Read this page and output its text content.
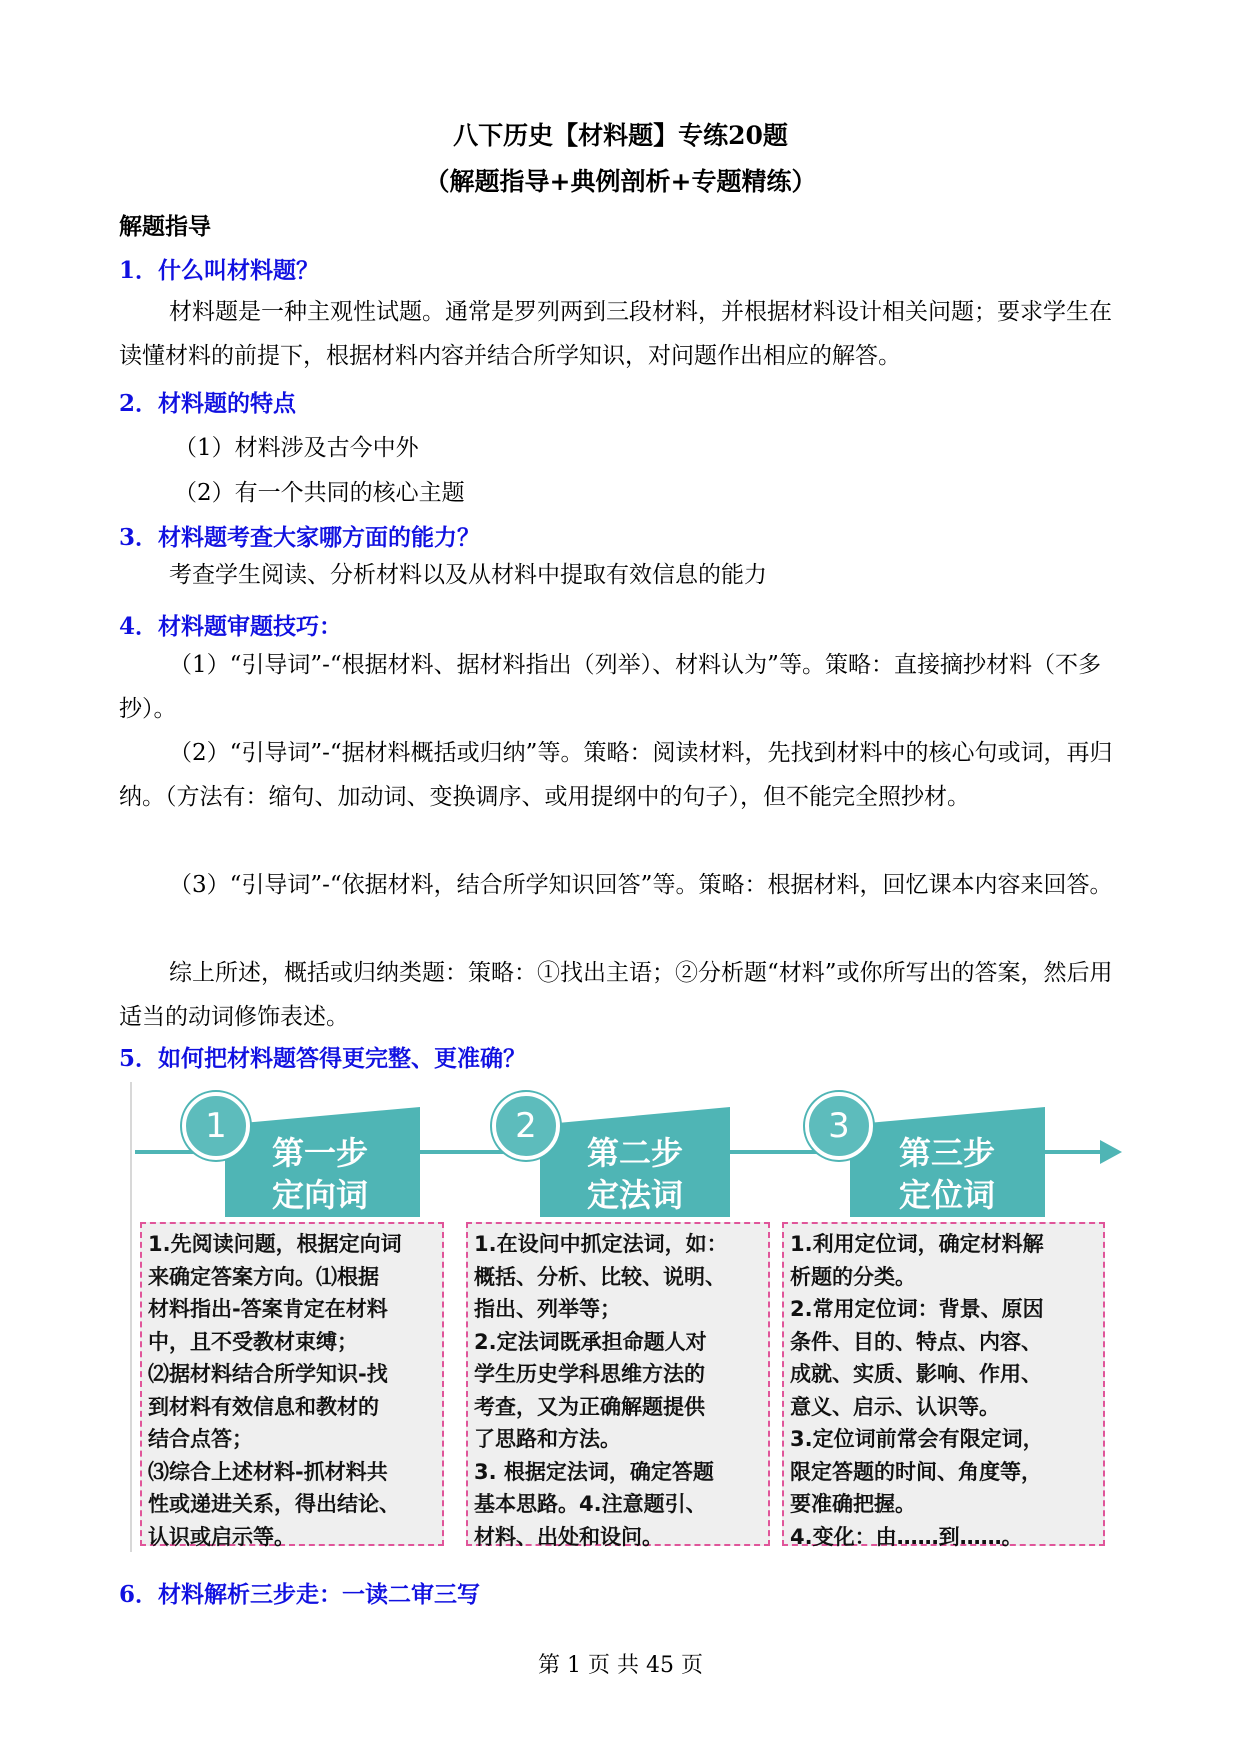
八下历史【材料题】专练20题
（解题指导+典例剖析+专题精练）
解题指导
1．什么叫材料题？
材料题是一种主观性试题。通常是罗列两到三段材料，并根据材料设计相关问题；要求学生在读懂材料的前提下，根据材料内容并结合所学知识，对问题作出相应的解答。
2．材料题的特点
（1）材料涉及古今中外
（2）有一个共同的核心主题
3．材料题考查大家哪方面的能力？
考查学生阅读、分析材料以及从材料中提取有效信息的能力
4．材料题审题技巧：
（1）“引导词”-“根据材料、据材料指出（列举）、材料认为”等。策略：直接摘抄材料（不多抄）。
（2）“引导词”-“据材料概括或归纳”等。策略：阅读材料，先找到材料中的核心句或词，再归纳。（方法有：缩句、加动词、变换调序、或用提纲中的句子），但不能完全照抄材。
（3）“引导词”-“依据材料，结合所学知识回答”等。策略：根据材料，回忆课本内容来回答。
综上所述，概括或归纳类题：策略：①找出主语；②分析题“材料”或你所写出的答案，然后用适当的动词修饰表述。
5．如何把材料题答得更完整、更准确？
1
第一步
定向词
1.先阅读问题，根据定向词
来确定答案方向。⑴根据
材料指出-答案肯定在材料
中，且不受教材束缚；
⑵据材料结合所学知识-找
到材料有效信息和教材的
结合点答；
⑶综合上述材料-抓材料共
性或递进关系，得出结论、
认识或启示等。
2
第二步
定法词
1.在设问中抓定法词，如：
概括、分析、比较、说明、
指出、列举等；
2.定法词既承担命题人对
学生历史学科思维方法的
考查，又为正确解题提供
了思路和方法。
3. 根据定法词，确定答题
基本思路。4.注意题引、
材料、出处和设问。
3
第三步
定位词
1.利用定位词，确定材料解
析题的分类。
2.常用定位词：背景、原因
条件、目的、特点、内容、
成就、实质、影响、作用、
意义、启示、认识等。
3.定位词前常会有限定词，
限定答题的时间、角度等，
要准确把握。
4.变化：由……到……。
6．材料解析三步走：一读二审三写
第 1 页 共 45 页
